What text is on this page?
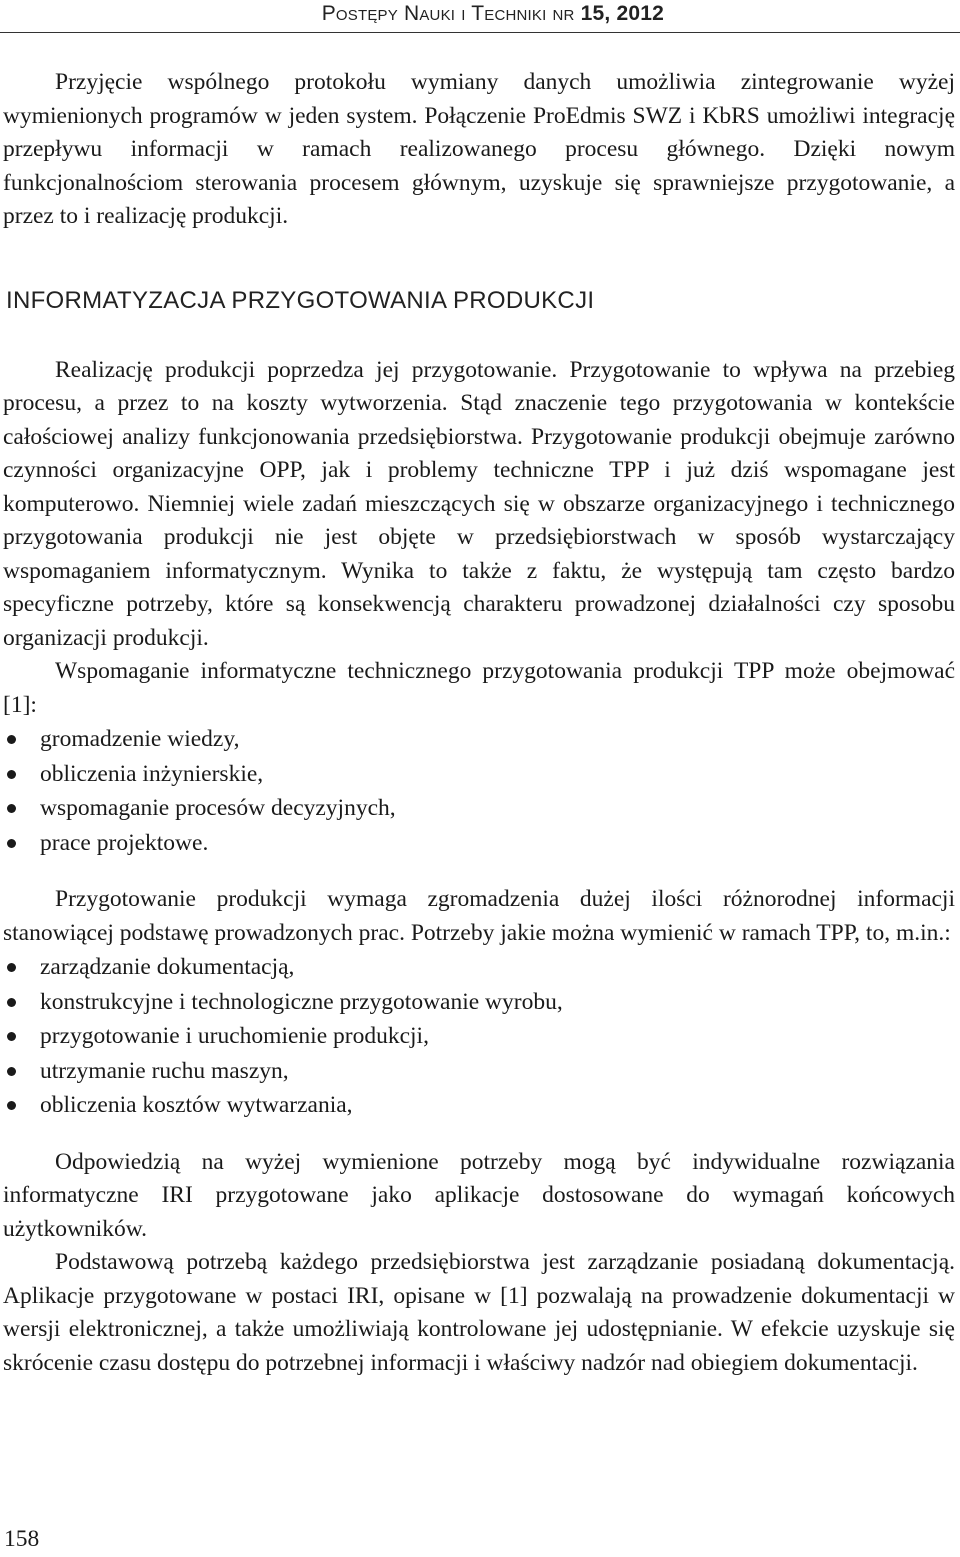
Postępy Nauki i Techniki nr 15, 2012

Przyjęcie wspólnego protokołu wymiany danych umożliwia zintegrowanie wyżej wymienionych programów w jeden system. Połączenie ProEdmis SWZ i KbRS umożliwi integrację przepływu informacji w ramach realizowanego procesu głównego. Dzięki nowym funkcjonalnościom sterowania procesem głównym, uzyskuje się sprawniejsze przygotowanie, a przez to i realizację produkcji.

INFORMATYZACJA PRZYGOTOWANIA PRODUKCJI

Realizację produkcji poprzedza jej przygotowanie. Przygotowanie to wpływa na przebieg procesu, a przez to na koszty wytworzenia. Stąd znaczenie tego przygotowania w kontekście całościowej analizy funkcjonowania przedsiębiorstwa. Przygotowanie produkcji obejmuje zarówno czynności organizacyjne OPP, jak i problemy techniczne TPP i już dziś wspomagane jest komputerowo. Niemniej wiele zadań mieszczących się w obszarze organizacyjnego i technicznego przygotowania produkcji nie jest objęte w przedsiębiorstwach w sposób wystarczający wspomaganiem informatycznym. Wynika to także z faktu, że występują tam często bardzo specyficzne potrzeby, które są konsekwencją charakteru prowadzonej działalności czy sposobu organizacji produkcji.

Wspomaganie informatyczne technicznego przygotowania produkcji TPP może obejmować [1]:

gromadzenie wiedzy,
obliczenia inżynierskie,
wspomaganie procesów decyzyjnych,
prace projektowe.

Przygotowanie produkcji wymaga zgromadzenia dużej ilości różnorodnej informacji stanowiącej podstawę prowadzonych prac. Potrzeby jakie można wymienić w ramach TPP, to, m.in.:

zarządzanie dokumentacją,
konstrukcyjne i technologiczne przygotowanie wyrobu,
przygotowanie i uruchomienie produkcji,
utrzymanie ruchu maszyn,
obliczenia kosztów wytwarzania,

Odpowiedzią na wyżej wymienione potrzeby mogą być indywidualne rozwiązania informatyczne IRI przygotowane jako aplikacje dostosowane do wymagań końcowych użytkowników.

Podstawową potrzebą każdego przedsiębiorstwa jest zarządzanie posiadaną dokumentacją. Aplikacje przygotowane w postaci IRI, opisane w [1] pozwalają na prowadzenie dokumentacji w wersji elektronicznej, a także umożliwiają kontrolowane jej udostępnianie. W efekcie uzyskuje się skrócenie czasu dostępu do potrzebnej informacji i właściwy nadzór nad obiegiem dokumentacji.

158
